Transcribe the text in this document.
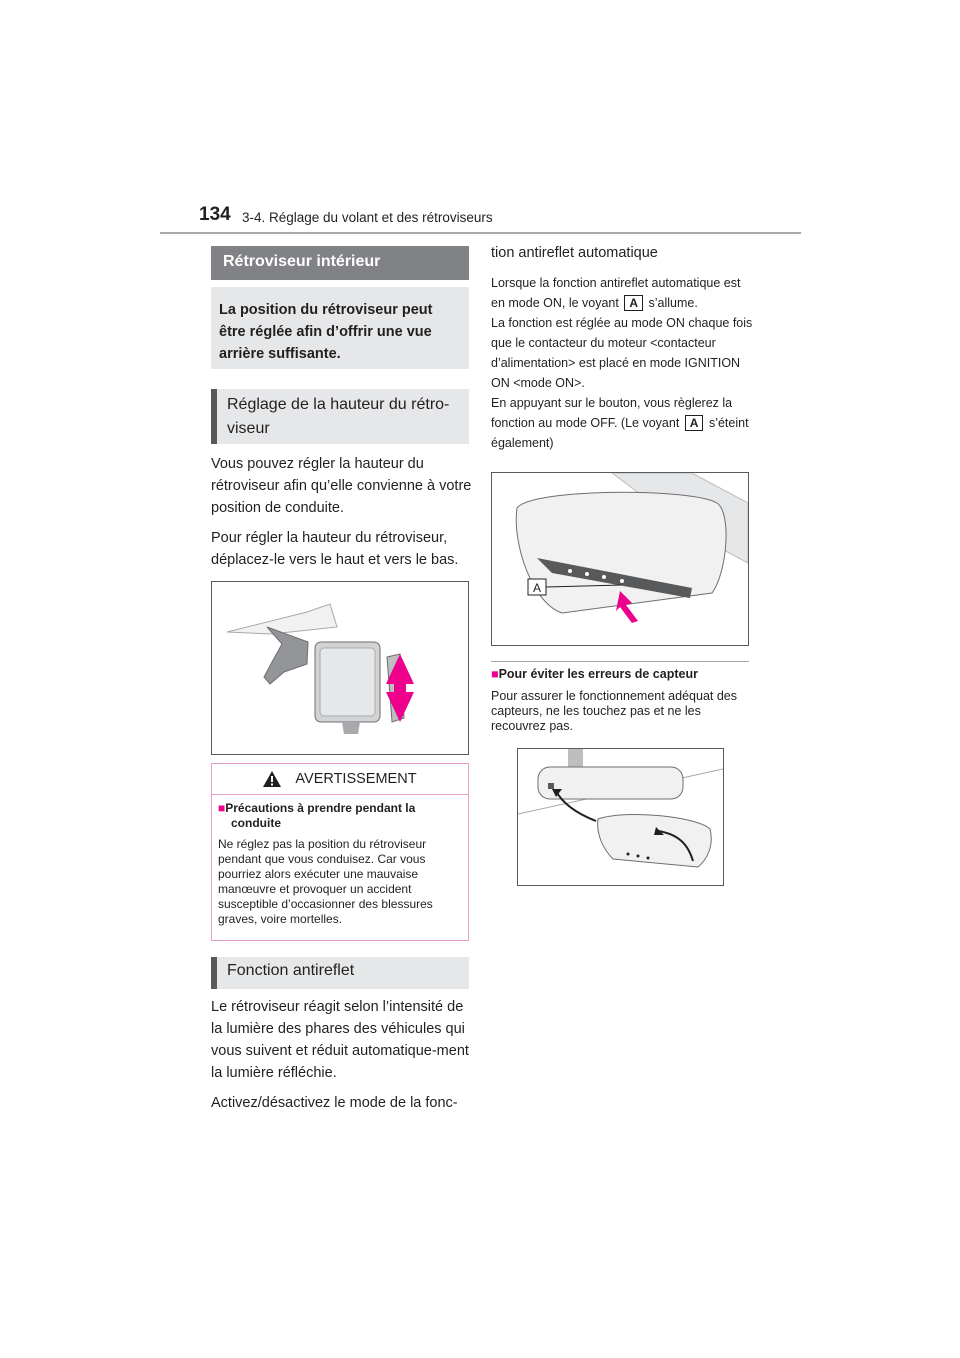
134 3-4. Réglage du volant et des rétroviseurs
Rétroviseur intérieur
La position du rétroviseur peut être réglée afin d’offrir une vue arrière suffisante.
Réglage de la hauteur du rétro-viseur
Vous pouvez régler la hauteur du rétroviseur afin qu’elle convienne à votre position de conduite.
Pour régler la hauteur du rétroviseur, déplacez-le vers le haut et vers le bas.
AVERTISSEMENT
■Précautions à prendre pendant la conduite
Ne réglez pas la position du rétroviseur pendant que vous conduisez. Car vous pourriez alors exécuter une mauvaise manœuvre et provoquer un accident susceptible d’occasionner des blessures graves, voire mortelles.
Fonction antireflet
Le rétroviseur réagit selon l’intensité de la lumière des phares des véhicules qui vous suivent et réduit automatique-ment la lumière réfléchie.
Activez/désactivez le mode de la fonc-
tion antireflet automatique
Lorsque la fonction antireflet automatique est en mode ON, le voyant A s’allume.
La fonction est réglée au mode ON chaque fois que le contacteur du moteur <contacteur d’alimentation> est placé en mode IGNITION ON <mode ON>.
En appuyant sur le bouton, vous règlerez la fonction au mode OFF. (Le voyant A s’éteint également)
A
■Pour éviter les erreurs de capteur
Pour assurer le fonctionnement adéquat des capteurs, ne les touchez pas et ne les recouvrez pas.
